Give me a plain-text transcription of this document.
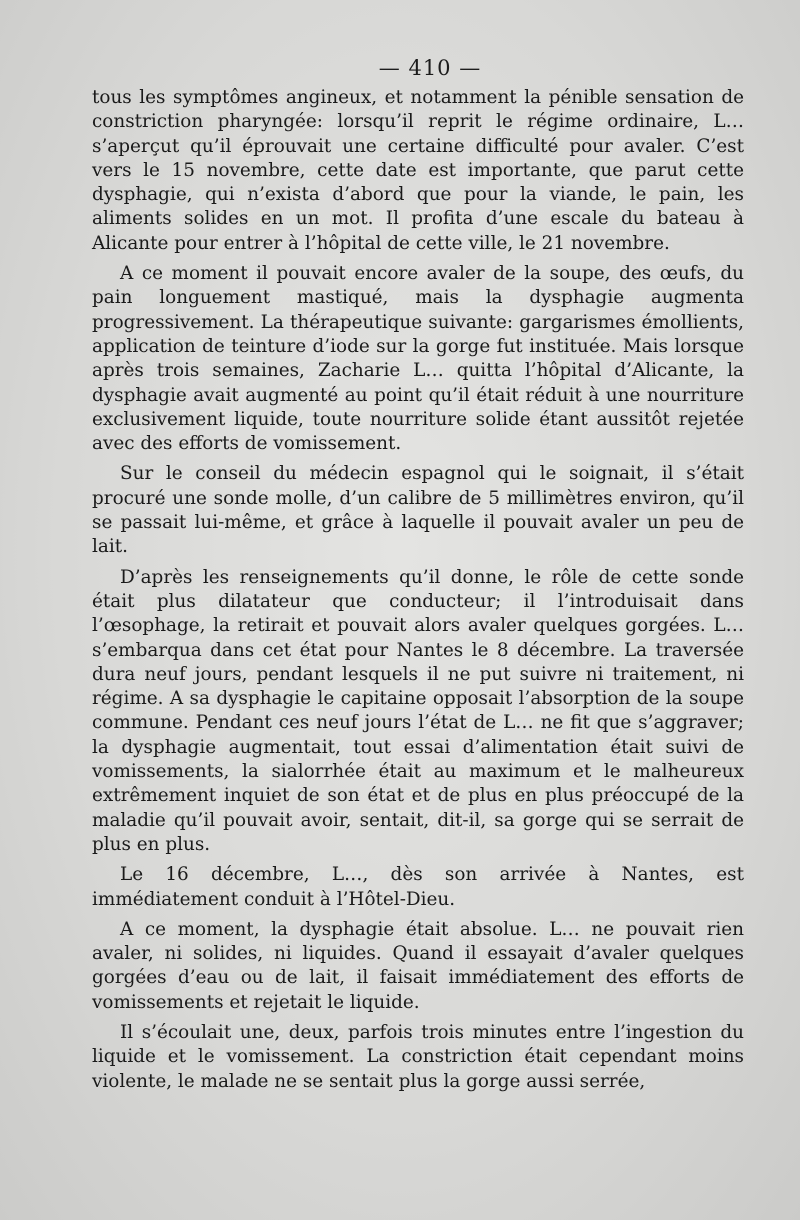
— 410 —

tous les symptômes angineux, et notamment la pénible sensation de constriction pharyngée: lorsqu’il reprit le régime ordinaire, L… s’aperçut qu’il éprouvait une certaine difficulté pour avaler. C’est vers le 15 novembre, cette date est importante, que parut cette dysphagie, qui n’exista d’abord que pour la viande, le pain, les aliments solides en un mot. Il profita d’une escale du bateau à Alicante pour entrer à l’hôpital de cette ville, le 21 novembre.

A ce moment il pouvait encore avaler de la soupe, des œufs, du pain longuement mastiqué, mais la dysphagie augmenta progressivement. La thérapeutique suivante: gargarismes émollients, application de teinture d’iode sur la gorge fut instituée. Mais lorsque après trois semaines, Zacharie L… quitta l’hôpital d’Alicante, la dysphagie avait augmenté au point qu’il était réduit à une nourriture exclusivement liquide, toute nourriture solide étant aussitôt rejetée avec des efforts de vomissement.

Sur le conseil du médecin espagnol qui le soignait, il s’était procuré une sonde molle, d’un calibre de 5 millimètres environ, qu’il se passait lui-même, et grâce à laquelle il pouvait avaler un peu de lait.

D’après les renseignements qu’il donne, le rôle de cette sonde était plus dilatateur que conducteur; il l’introduisait dans l’œsophage, la retirait et pouvait alors avaler quelques gorgées. L… s’embarqua dans cet état pour Nantes le 8 décembre. La traversée dura neuf jours, pendant lesquels il ne put suivre ni traitement, ni régime. A sa dysphagie le capitaine opposait l’absorption de la soupe commune. Pendant ces neuf jours l’état de L… ne fit que s’aggraver; la dysphagie augmentait, tout essai d’alimentation était suivi de vomissements, la sialorrhée était au maximum et le malheureux extrêmement inquiet de son état et de plus en plus préoccupé de la maladie qu’il pouvait avoir, sentait, dit-il, sa gorge qui se serrait de plus en plus.

Le 16 décembre, L…, dès son arrivée à Nantes, est immédiatement conduit à l’Hôtel-Dieu.

A ce moment, la dysphagie était absolue. L… ne pouvait rien avaler, ni solides, ni liquides. Quand il essayait d’avaler quelques gorgées d’eau ou de lait, il faisait immédiatement des efforts de vomissements et rejetait le liquide.

Il s’écoulait une, deux, parfois trois minutes entre l’ingestion du liquide et le vomissement. La constriction était cependant moins violente, le malade ne se sentait plus la gorge aussi serrée,
